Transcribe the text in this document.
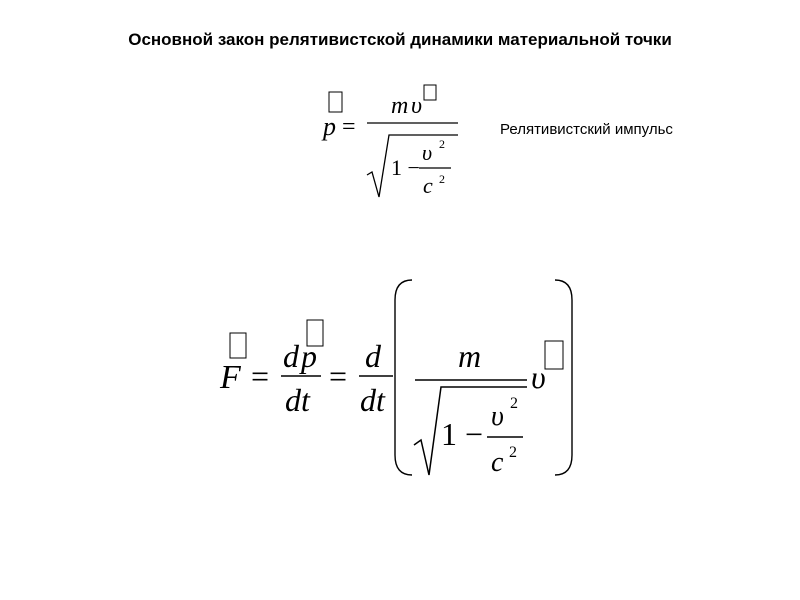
Основной закон релятивистской динамики материальной точки
Релятивистский импульс
p =
m υ
1 −
υ 2
c 2
F =
d p
dt
=
d
dt
m
1 − υ 2
c 2
υ
